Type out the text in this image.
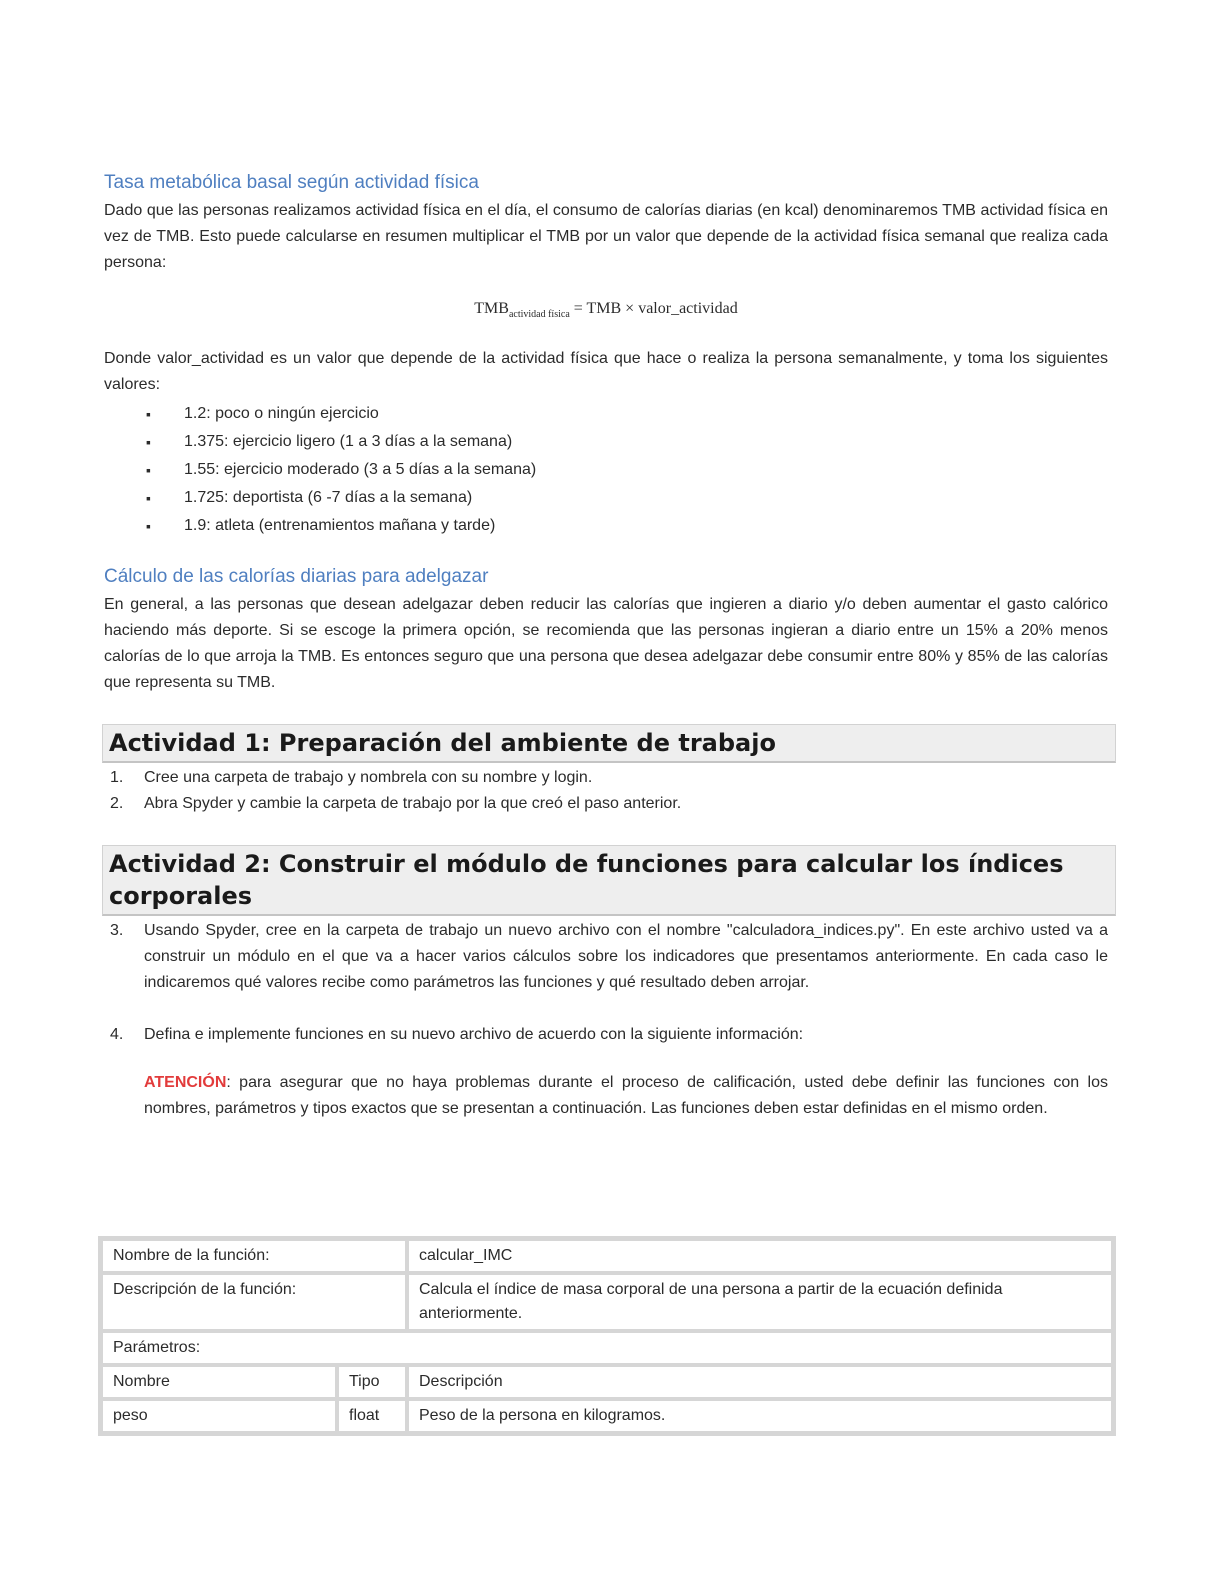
Tasa metabólica basal según actividad física

Dado que las personas realizamos actividad física en el día, el consumo de calorías diarias (en kcal) denominaremos TMB actividad física en vez de TMB. Esto puede calcularse en resumen multiplicar el TMB por un valor que depende de la actividad física semanal que realiza cada persona:

$TMB_{actividad física}$ = TMB × valor_actividad

Donde valor_actividad es un valor que depende de la actividad física que hace o realiza la persona semanalmente, y toma los siguientes valores:

▪ 1.2: poco o ningún ejercicio
▪ 1.375: ejercicio ligero (1 a 3 días a la semana)
▪ 1.55: ejercicio moderado (3 a 5 días a la semana)
▪ 1.725: deportista (6 -7 días a la semana)
▪ 1.9: atleta (entrenamientos mañana y tarde)
Cálculo de las calorías diarias para adelgazar

En general, a las personas que desean adelgazar deben reducir las calorías que ingieren a diario y/o deben aumentar el gasto calórico haciendo más deporte. Si se escoge la primera opción, se recomienda que las personas ingieran a diario entre un 15% a 20% menos calorías de lo que arroja la TMB. Es entonces seguro que una persona que desea adelgazar debe consumir entre 80% y 85% de las calorías que representa su TMB.

Actividad 1: Preparación del ambiente de trabajo
1. Cree una carpeta de trabajo y nombrela con su nombre y login.
2. Abra Spyder y cambie la carpeta de trabajo por la que creó el paso anterior.
Actividad 2: Construir el módulo de funciones para calcular los índices corporales
3. Usando Spyder, cree en la carpeta de trabajo un nuevo archivo con el nombre "calculadora_indices.py". En este archivo usted va a construir un módulo en el que va a hacer varios cálculos sobre los indicadores que presentamos anteriormente. En cada caso le indicaremos qué valores recibe como parámetros las funciones y qué resultado deben arrojar.
4. Defina e implemente funciones en su nuevo archivo de acuerdo con la siguiente información:
ATENCIÓN: para asegurar que no haya problemas durante el proceso de calificación, usted debe definir las funciones con los nombres, parámetros y tipos exactos que se presentan a continuación. Las funciones deben estar definidas en el mismo orden.
Nombre de la función:		calcular_IMC
Descripción de la función:		Calcula el índice de masa corporal de una persona a partir de la ecuación definida anteriormente.
Parámetros:		
Nombre	Tipo	Descripción
peso	float	Peso de la persona en kilogramos.
